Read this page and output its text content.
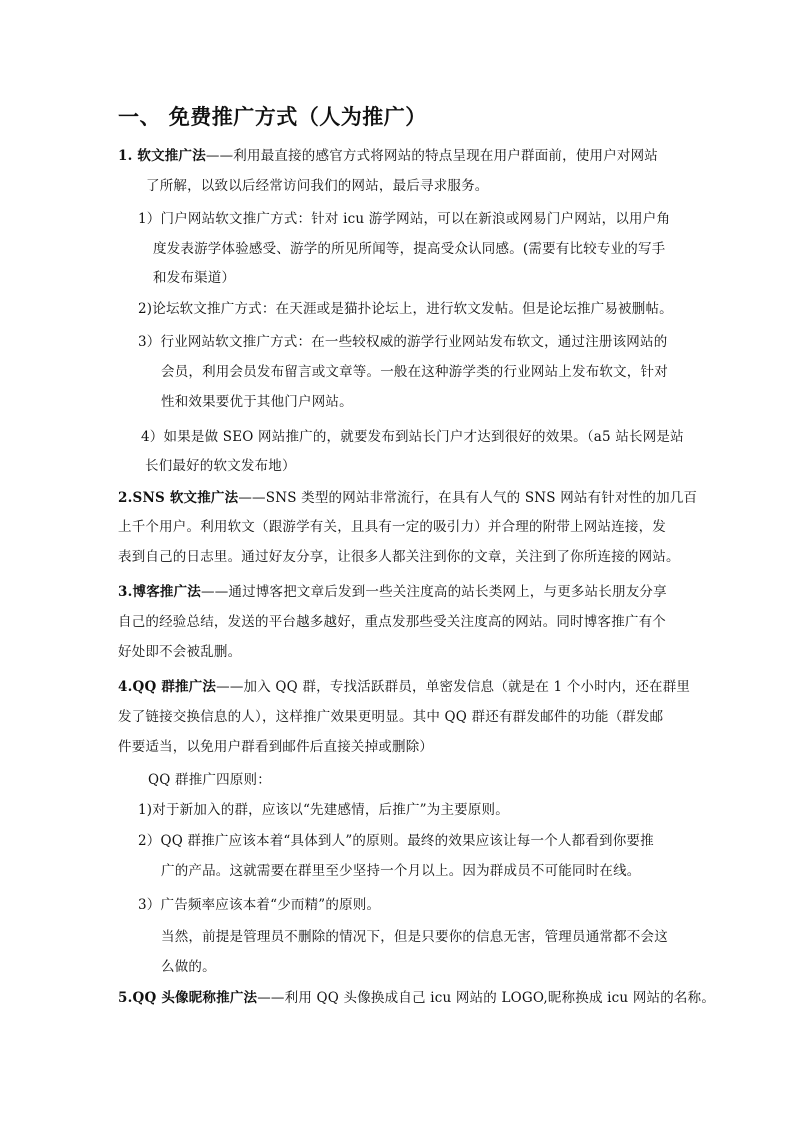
一、 免费推广方式（人为推广）
1. 软文推广法——利用最直接的感官方式将网站的特点呈现在用户群面前，使用户对网站
了所解，以致以后经常访问我们的网站，最后寻求服务。
1）门户网站软文推广方式：针对 icu 游学网站，可以在新浪或网易门户网站，以用户角
度发表游学体验感受、游学的所见所闻等，提高受众认同感。(需要有比较专业的写手
和发布渠道）
2)论坛软文推广方式：在天涯或是猫扑论坛上，进行软文发帖。但是论坛推广易被删帖。
3）行业网站软文推广方式：在一些较权威的游学行业网站发布软文，通过注册该网站的
会员，利用会员发布留言或文章等。一般在这种游学类的行业网站上发布软文，针对
性和效果要优于其他门户网站。
4）如果是做 SEO 网站推广的，就要发布到站长门户才达到很好的效果。（a5 站长网是站
长们最好的软文发布地）
2.SNS 软文推广法——SNS 类型的网站非常流行，在具有人气的 SNS 网站有针对性的加几百
上千个用户。利用软文（跟游学有关，且具有一定的吸引力）并合理的附带上网站连接，发
表到自己的日志里。通过好友分享，让很多人都关注到你的文章，关注到了你所连接的网站。
3.博客推广法——通过博客把文章后发到一些关注度高的站长类网上，与更多站长朋友分享
自己的经验总结，发送的平台越多越好，重点发那些受关注度高的网站。同时博客推广有个
好处即不会被乱删。
4.QQ 群推广法——加入 QQ 群，专找活跃群员，单密发信息（就是在 1 个小时内，还在群里
发了链接交换信息的人），这样推广效果更明显。其中 QQ 群还有群发邮件的功能（群发邮
件要适当，以免用户群看到邮件后直接关掉或删除）
QQ 群推广四原则：
1)对于新加入的群，应该以“先建感情，后推广”为主要原则。
2）QQ 群推广应该本着“具体到人”的原则。最终的效果应该让每一个人都看到你要推
广的产品。这就需要在群里至少坚持一个月以上。因为群成员不可能同时在线。
3）广告频率应该本着“少而精”的原则。
当然，前提是管理员不删除的情况下，但是只要你的信息无害，管理员通常都不会这
么做的。
5.QQ 头像昵称推广法——利用 QQ 头像换成自己 icu 网站的 LOGO,昵称换成 icu 网站的名称。
